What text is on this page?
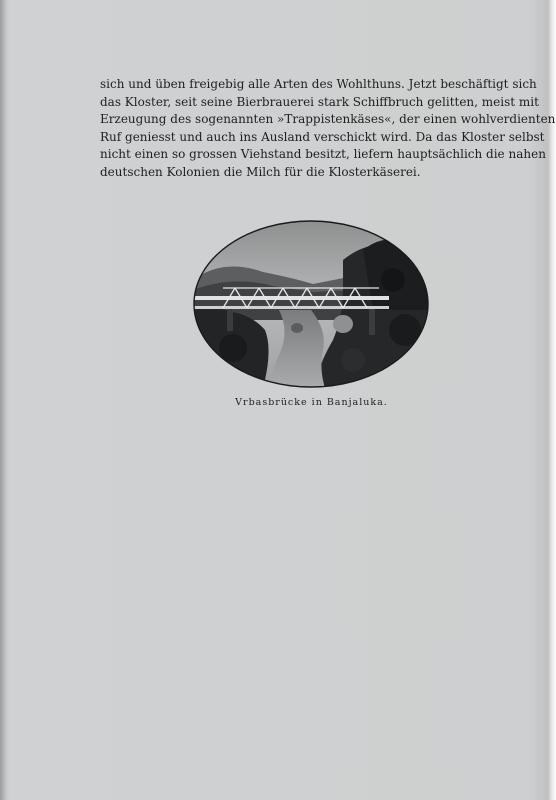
sich und üben freigebig alle Arten des Wohlthuns. Jetzt beschäftigt sich
das Kloster, seit seine Bierbrauerei stark Schiffbruch gelitten, meist mit
Erzeugung des sogenannten »Trappistenkäses«, der einen wohlverdienten
Ruf geniesst und auch ins Ausland verschickt wird. Da das Kloster selbst
nicht einen so grossen Viehstand besitzt, liefern hauptsächlich die nahen
deutschen Kolonien die Milch für die Klosterkäserei.
Vrbasbrücke in Banjaluka.
